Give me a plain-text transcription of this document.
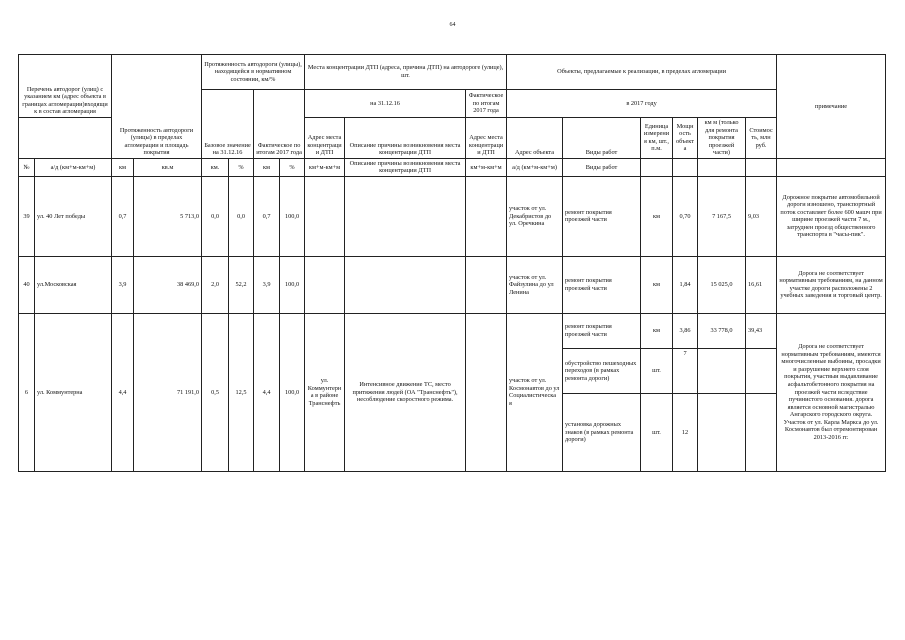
64
Перечень автодорог (улиц) с указанием км (адрес объекта в границах агломерации)входящи к в состав агломерация		Протяженность автодороги (улицы) в пределах агломерации и площадь покрытия		Протяженность автодороги (улицы), находящейся в нормативном состоянии, км/%				Места концентрации ДТП (адреса, причина ДТП) на автодороге (улице), шт.			Объекты, предлагаемые к реализации, в пределах агломерации						примечание
				Базовое значение на 31.12.16		Фактическое по итогам 2017 года		на 31.12.16		Фактическое по итогам 2017 года	в 2017 году						
								Адрес места концентрации ДТП	Описание причины возникновения места концентрации ДТП	Адрес места концентрации ДТП	Адрес объекта	Виды работ	Единица измерения км, шт., п.м.	Мощность объекта	км м (только для ремонта покрытия проезжей части)	Стоимость, млн руб.	
№	а/д (км+м-км+м)	км	кв.м	км.	%	км	%	км+м-км+м	Описание причины возникновения места концентрации ДТП	км+м-км+м	а/д (км+м-км+м)	Виды работ					
39	ул. 40 Лет победы	0,7	5 713,0	0,0	0,0	0,7	100,0				участок от ул. Декабристов до ул. Оречкина	ремонт покрытия проезжей части	км	0,70	7 167,5	9,03	Дорожное покрытие автомобильной дороги изношено, транспортный поток составляет более 600 машч при ширине проезжей части 7 м., затруднен проезд общественного транспорта в "часы-пик".
40	ул.Московская	3,9	38 469,0	2,0	52,2	3,9	100,0				участок от ул. Файзулина до ул Ленина	ремонт покрытия проезжей части	км	1,84	15 025,0	16,61	Дорога не соответствует нормативным требованиям, на данном участке дороги расположены 2 учебных заведения и торговый центр.
6	ул. Коммунтерна	4,4	71 191,0	0,5	12,5	4,4	100,0	ул. Коммунтерна в районе Транснефть	Интенсивное движение ТС, место притяжения людей (ОА "Транснефть"), несоблюдение скоростного режима.		участок от ул. Космонавтов до ул Социалистическа я	ремонт покрытия проезжей части	км	3,86	33 778,0	39,43	Дорога не соответствует нормативным требованиям, имеются многочисленные выбоины, просадки и разрушение верхнего слоя покрытия, участвыи выдавливание асфальтобетонного покрытия на проезжей части вследствие пучинистого основания. дорога является основной магистралью Ангарского городского округа. Участок от ул. Карла Маркса до ул. Космонавтов был отремонтирован 2013-2016 гг.
												обустройство пешеходных переходов (в рамках ремонта дороги)	шт.	7			
												установка дорожных знаков (в рамках ремонта дороги)	шт.	12			
